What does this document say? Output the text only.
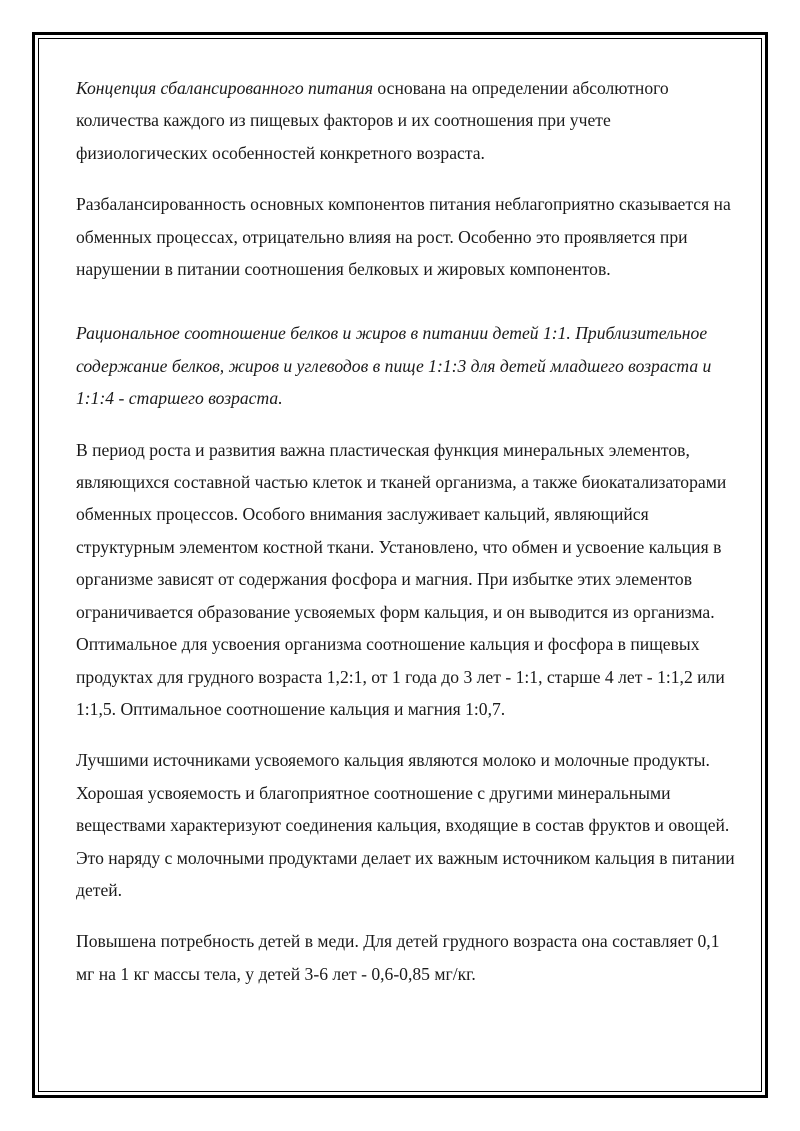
Концепция сбалансированного питания основана на определении абсолютного количества каждого из пищевых факторов и их соотношения при учете физиологических особенностей конкретного возраста.

Разбалансированность основных компонентов питания неблагоприятно сказывается на обменных процессах, отрицательно влияя на рост. Особенно это проявляется при нарушении в питании соотношения белковых и жировых компонентов.

Рациональное соотношение белков и жиров в питании детей 1:1. Приблизительное содержание белков, жиров и углеводов в пище 1:1:3 для детей младшего возраста и 1:1:4 - старшего возраста.

В период роста и развития важна пластическая функция минеральных элементов, являющихся составной частью клеток и тканей организма, а также биокатализаторами обменных процессов. Особого внимания заслуживает кальций, являющийся структурным элементом костной ткани. Установлено, что обмен и усвоение кальция в организме зависят от содержания фосфора и магния. При избытке этих элементов ограничивается образование усвояемых форм кальция, и он выводится из организма. Оптимальное для усвоения организма соотношение кальция и фосфора в пищевых продуктах для грудного возраста 1,2:1, от 1 года до 3 лет - 1:1, старше 4 лет - 1:1,2 или 1:1,5. Оптимальное соотношение кальция и магния 1:0,7.

Лучшими источниками усвояемого кальция являются молоко и молочные продукты. Хорошая усвояемость и благоприятное соотношение с другими минеральными веществами характеризуют соединения кальция, входящие в состав фруктов и овощей. Это наряду с молочными продуктами делает их важным источником кальция в питании детей.

Повышена потребность детей в меди. Для детей грудного возраста она составляет 0,1 мг на 1 кг массы тела, у детей 3-6 лет - 0,6-0,85 мг/кг.
